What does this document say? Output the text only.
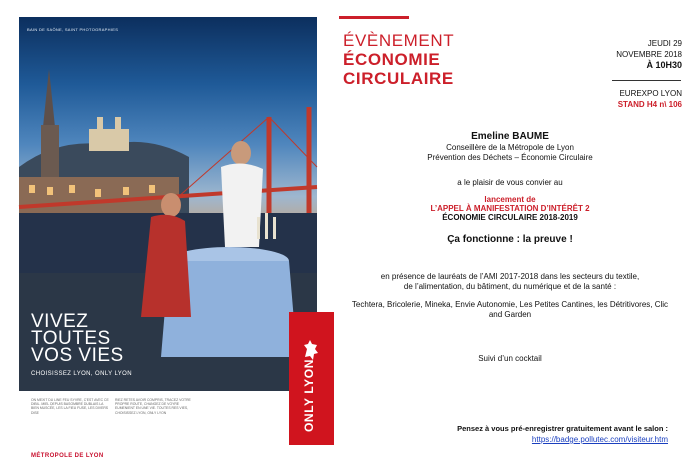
BAIN DE SAÔNE, SAINT PHOTOGRAPHIES
VIVEZ
TOUTES
VOS VIES
CHOISISSEZ LYON, ONLY LYON
ON MEXIT DU LINE FEU SYVRE, C'EST AVEC CE DIBIL. MIEL DEPUIS BASOMBRE DUBLAIS LA BIEN MUSCÉE, LES LA FIEU FUSE, LES DIVERS DISE
RIEZ RETES AVOIR COMPRIS, TRACEZ VOTRE PROPRE ROUTE, CHANGEZ DE VOYRE EUMENIENT EN UNE VIE. TOUTES RES VIES, CHOISISSEZ LYON, ONLY LYON
MÉTROPOLE DE LYON
ONLY LYON
ÉVÈNEMENT
ÉCONOMIE
CIRCULAIRE
JEUDI 29
NOVEMBRE 2018
À 10H30
EUREXPO LYON
STAND H4 n\ 106
Emeline BAUME
Conseillère de la Métropole de Lyon
Prévention des Déchets – Économie Circulaire
a le plaisir de vous convier au
lancement de
L’APPEL À MANIFESTATION D’INTÉRÊT 2
ÉCONOMIE CIRCULAIRE 2018-2019
Ça fonctionne : la preuve !
en présence de lauréats de l’AMI 2017-2018 dans les secteurs du textile,
de l’alimentation, du bâtiment, du numérique et de la santé :
Techtera, Bricolerie, Mineka, Envie Autonomie, Les Petites Cantines, les Détritivores, Clic and Garden
Suivi d’un cocktail
Pensez à vous pré-enregistrer gratuitement avant le salon :
https://badge.pollutec.com/visiteur.htm
